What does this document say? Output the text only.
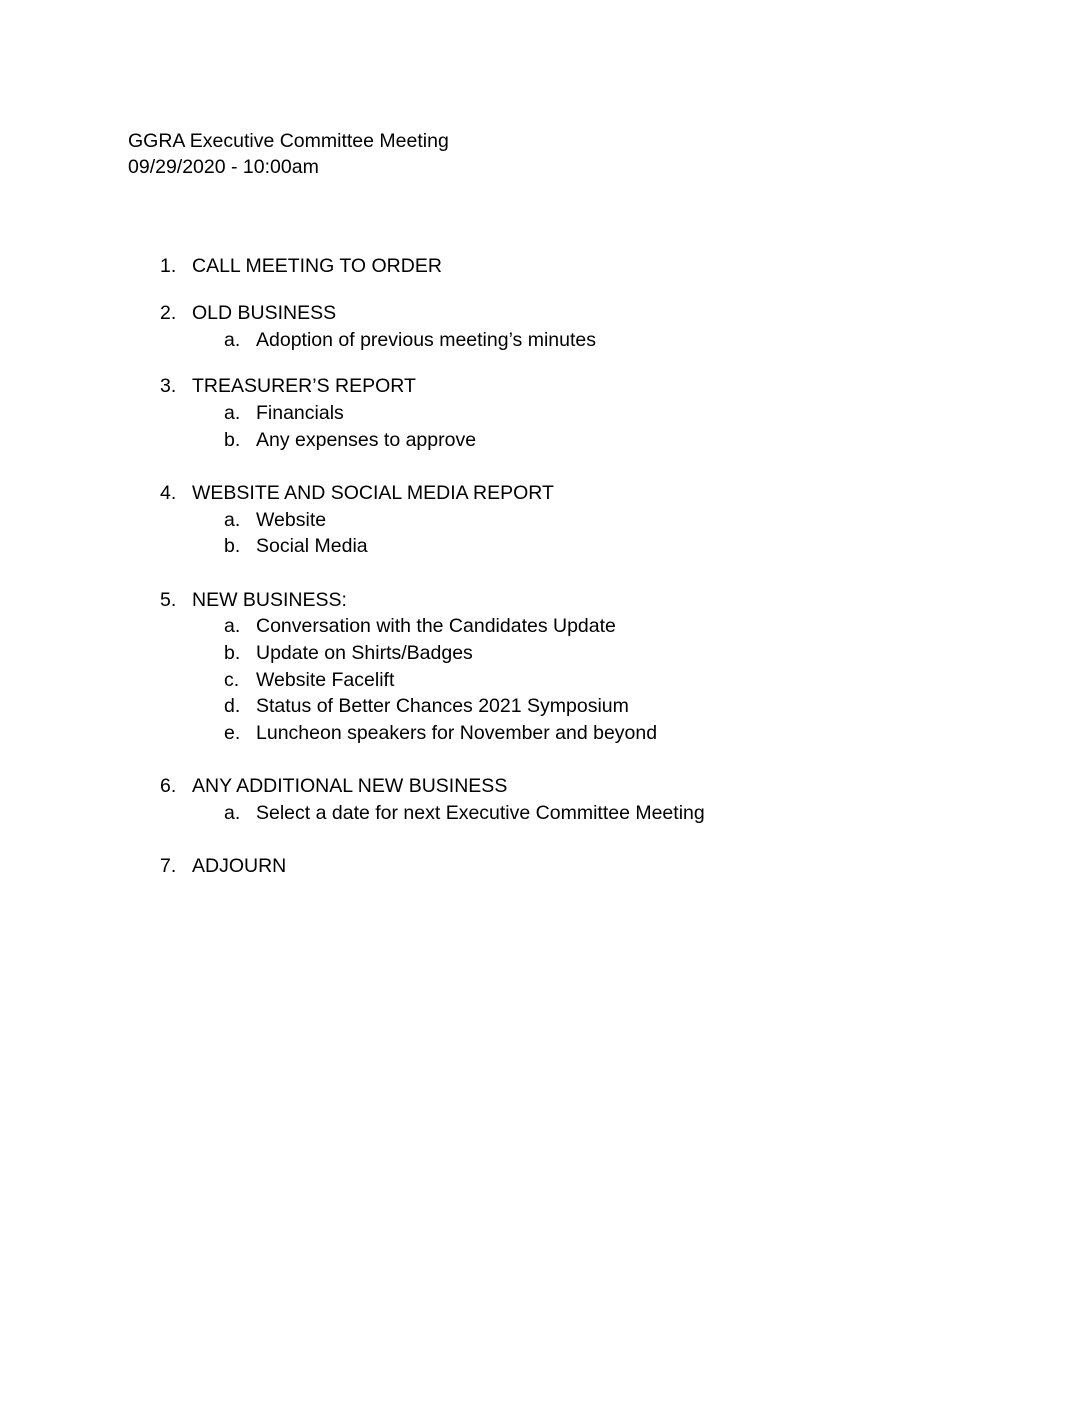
GGRA Executive Committee Meeting
09/29/2020 - 10:00am
1. CALL MEETING TO ORDER
2. OLD BUSINESS
a. Adoption of previous meeting’s minutes
3. TREASURER’S REPORT
a. Financials
b. Any expenses to approve
4. WEBSITE AND SOCIAL MEDIA REPORT
a. Website
b. Social Media
5. NEW BUSINESS:
a. Conversation with the Candidates Update
b. Update on Shirts/Badges
c. Website Facelift
d. Status of Better Chances 2021 Symposium
e. Luncheon speakers for November and beyond
6. ANY ADDITIONAL NEW BUSINESS
a. Select a date for next Executive Committee Meeting
7. ADJOURN
